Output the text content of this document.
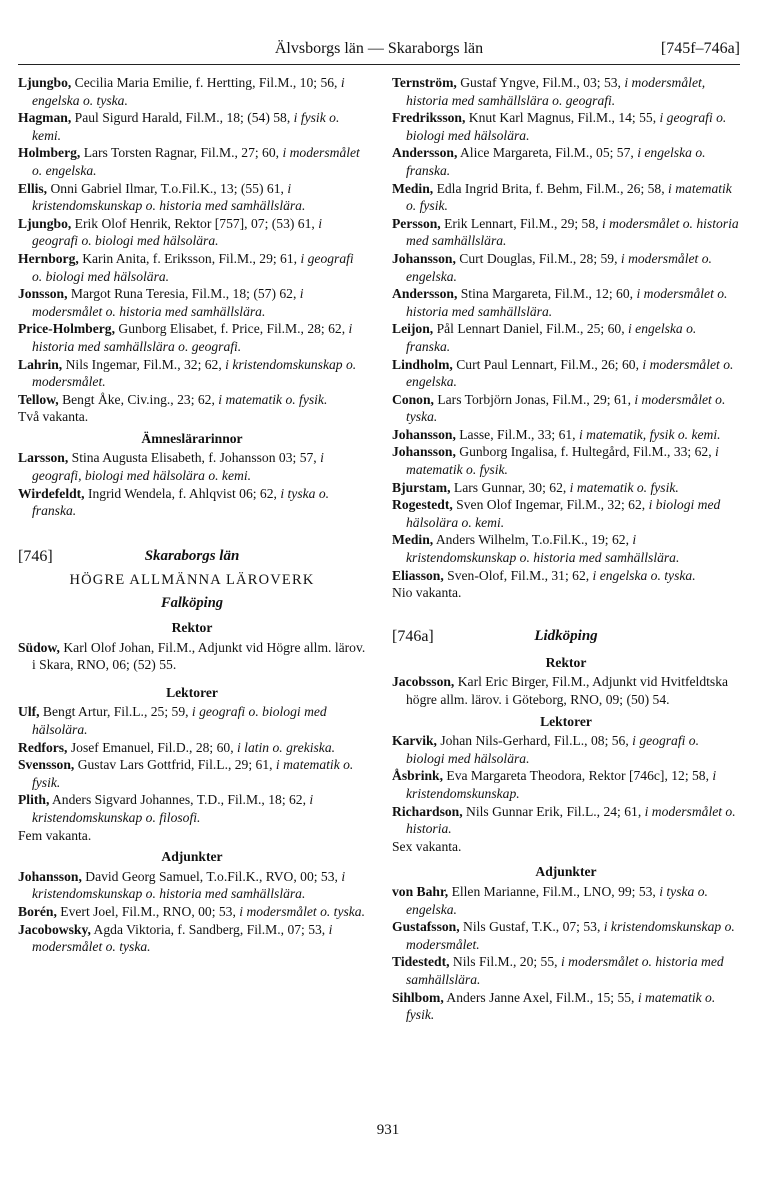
Älvsborgs län — Skaraborgs län	[745f–746a]

Ljungbo, Cecilia Maria Emilie, f. Hertting, Fil.M., 10; 56, i engelska o. tyska.

Hagman, Paul Sigurd Harald, Fil.M., 18; (54) 58, i fysik o. kemi.

Holmberg, Lars Torsten Ragnar, Fil.M., 27; 60, i modersmålet o. engelska.

Ellis, Onni Gabriel Ilmar, T.o.Fil.K., 13; (55) 61, i kristendomskunskap o. historia med samhällslära.

Ljungbo, Erik Olof Henrik, Rektor [757], 07; (53) 61, i geografi o. biologi med hälsolära.

Hernborg, Karin Anita, f. Eriksson, Fil.M., 29; 61, i geografi o. biologi med hälsolära.

Jonsson, Margot Runa Teresia, Fil.M., 18; (57) 62, i modersmålet o. historia med samhällslära.

Price-Holmberg, Gunborg Elisabet, f. Price, Fil.M., 28; 62, i historia med samhällslära o. geografi.

Lahrin, Nils Ingemar, Fil.M., 32; 62, i kristendomskunskap o. modersmålet.

Tellow, Bengt Åke, Civ.ing., 23; 62, i matematik o. fysik.

Två vakanta.

Ämneslärarinnor

Larsson, Stina Augusta Elisabeth, f. Johansson 03; 57, i geografi, biologi med hälsolära o. kemi.

Wirdefeldt, Ingrid Wendela, f. Ahlqvist 06; 62, i tyska o. franska.

[746]	Skaraborgs län
HÖGRE ALLMÄNNA LÄROVERK
Falköping
Rektor

Südow, Karl Olof Johan, Fil.M., Adjunkt vid Högre allm. lärov. i Skara, RNO, 06; (52) 55.

Lektorer

Ulf, Bengt Artur, Fil.L., 25; 59, i geografi o. biologi med hälsolära.

Redfors, Josef Emanuel, Fil.D., 28; 60, i latin o. grekiska.

Svensson, Gustav Lars Gottfrid, Fil.L., 29; 61, i matematik o. fysik.

Plith, Anders Sigvard Johannes, T.D., Fil.M., 18; 62, i kristendomskunskap o. filosofi.

Fem vakanta.

Adjunkter

Johansson, David Georg Samuel, T.o.Fil.K., RVO, 00; 53, i kristendomskunskap o. historia med samhällslära.

Borén, Evert Joel, Fil.M., RNO, 00; 53, i modersmålet o. tyska.

Jacobowsky, Agda Viktoria, f. Sandberg, Fil.M., 07; 53, i modersmålet o. tyska.

Ternström, Gustaf Yngve, Fil.M., 03; 53, i modersmålet, historia med samhällslära o. geografi.

Fredriksson, Knut Karl Magnus, Fil.M., 14; 55, i geografi o. biologi med hälsolära.

Andersson, Alice Margareta, Fil.M., 05; 57, i engelska o. franska.

Medin, Edla Ingrid Brita, f. Behm, Fil.M., 26; 58, i matematik o. fysik.

Persson, Erik Lennart, Fil.M., 29; 58, i modersmålet o. historia med samhällslära.

Johansson, Curt Douglas, Fil.M., 28; 59, i modersmålet o. engelska.

Andersson, Stina Margareta, Fil.M., 12; 60, i modersmålet o. historia med samhällslära.

Leijon, Pål Lennart Daniel, Fil.M., 25; 60, i engelska o. franska.

Lindholm, Curt Paul Lennart, Fil.M., 26; 60, i modersmålet o. engelska.

Conon, Lars Torbjörn Jonas, Fil.M., 29; 61, i modersmålet o. tyska.

Johansson, Lasse, Fil.M., 33; 61, i matematik, fysik o. kemi.

Johansson, Gunborg Ingalisa, f. Hultegård, Fil.M., 33; 62, i matematik o. fysik.

Bjurstam, Lars Gunnar, 30; 62, i matematik o. fysik.

Rogestedt, Sven Olof Ingemar, Fil.M., 32; 62, i biologi med hälsolära o. kemi.

Medin, Anders Wilhelm, T.o.Fil.K., 19; 62, i kristendomskunskap o. historia med samhällslära.

Eliasson, Sven-Olof, Fil.M., 31; 62, i engelska o. tyska.

Nio vakanta.

[746a]	Lidköping
Rektor

Jacobsson, Karl Eric Birger, Fil.M., Adjunkt vid Hvitfeldtska högre allm. lärov. i Göteborg, RNO, 09; (50) 54.

Lektorer

Karvik, Johan Nils-Gerhard, Fil.L., 08; 56, i geografi o. biologi med hälsolära.

Åsbrink, Eva Margareta Theodora, Rektor [746c], 12; 58, i kristendomskunskap.

Richardson, Nils Gunnar Erik, Fil.L., 24; 61, i modersmålet o. historia.

Sex vakanta.

Adjunkter

von Bahr, Ellen Marianne, Fil.M., LNO, 99; 53, i tyska o. engelska.

Gustafsson, Nils Gustaf, T.K., 07; 53, i kristendomskunskap o. modersmålet.

Tidestedt, Nils Fil.M., 20; 55, i modersmålet o. historia med samhällslära.

Sihlbom, Anders Janne Axel, Fil.M., 15; 55, i matematik o. fysik.

931
